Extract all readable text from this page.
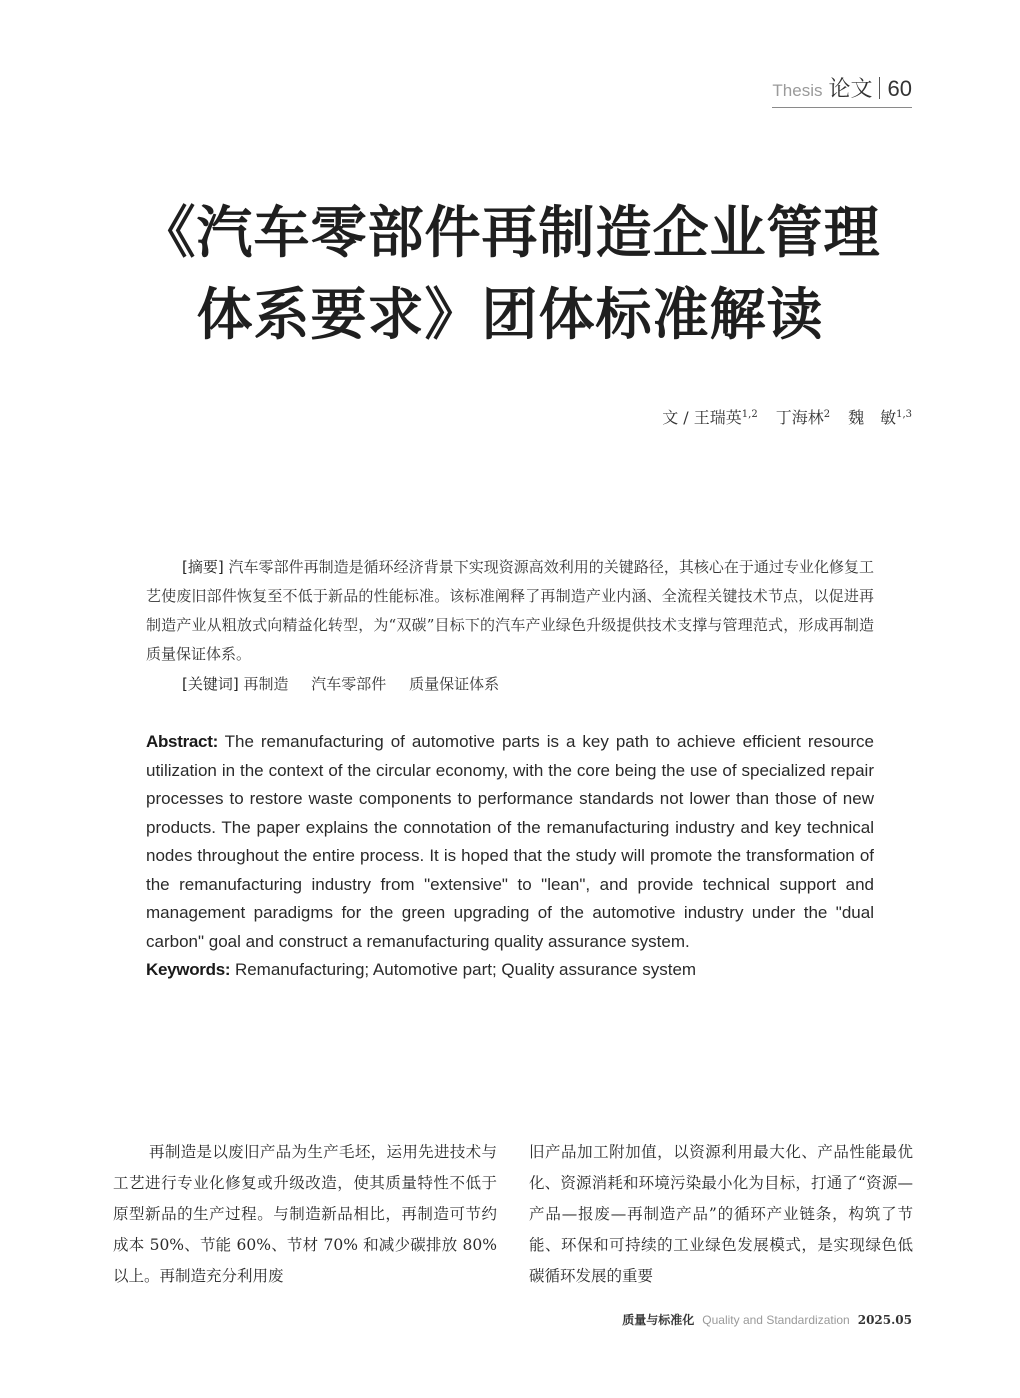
Thesis 论文 60
《汽车零部件再制造企业管理
体系要求》团体标准解读
文 / 王瑞英$^{1,2}$ 丁海林$^2$ 魏　敏$^{1,3}$

[摘要] 汽车零部件再制造是循环经济背景下实现资源高效利用的关键路径，其核心在于通过专业化修复工艺使废旧部件恢复至不低于新品的性能标准。该标准阐释了再制造产业内涵、全流程关键技术节点，以促进再制造产业从粗放式向精益化转型，为“双碳”目标下的汽车产业绿色升级提供技术支撑与管理范式，形成再制造质量保证体系。

[关键词] 再制造 汽车零部件 质量保证体系

Abstract: The remanufacturing of automotive parts is a key path to achieve efficient resource utilization in the context of the circular economy, with the core being the use of specialized repair processes to restore waste components to performance standards not lower than those of new products. The paper explains the connotation of the remanufacturing industry and key technical nodes throughout the entire process. It is hoped that the study will promote the transformation of the remanufacturing industry from "extensive" to "lean", and provide technical support and management paradigms for the green upgrading of the automotive industry under the "dual carbon" goal and construct a remanufacturing quality assurance system.

Keywords: Remanufacturing; Automotive part; Quality assurance system

再制造是以废旧产品为生产毛坯，运用先进技术与工艺进行专业化修复或升级改造，使其质量特性不低于原型新品的生产过程。与制造新品相比，再制造可节约成本 50%、节能 60%、节材 70% 和减少碳排放 80% 以上。再制造充分利用废

旧产品加工附加值，以资源利用最大化、产品性能最优化、资源消耗和环境污染最小化为目标，打通了“资源—产品—报废—再制造产品”的循环产业链条，构筑了节能、环保和可持续的工业绿色发展模式，是实现绿色低碳循环发展的重要

质量与标准化 Quality and Standardization 2025.05
